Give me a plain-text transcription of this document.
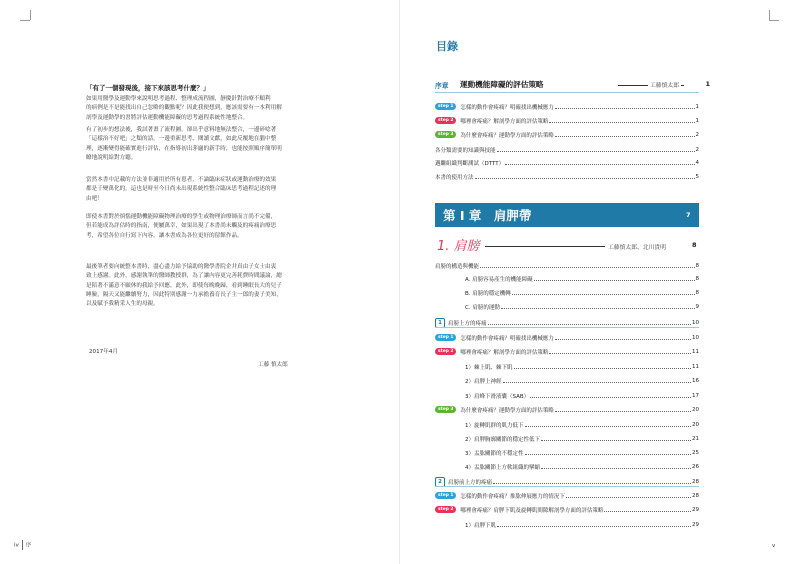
「有了一個發現後，接下來該思考什麼？」
如果用醫學及運動學來說明思考過程、整理成流程圖，靜慶針對治療不順利
的病例是不是能找出自己忽略的觀點呢？因此我便想到，應該需要有一本利用解
剖學及運動學的書將評估運動機能障礙的思考過程系統性地整合。
有了初步的想法後，我試著畫了流程圖，卻出乎意料地無法整合，一邊碎唸著
「這樣治不好吧」之類的話，一邊重新思考、閱讀文獻，如此反覆地在腦中整
理，逐漸變得能確實進行評估，在指導初出茅廬的新手時，也能按照順序簡單明
瞭地說明給對方聽。
當然本書中記載的方法並非適用於所有患者，不論臨床症狀或運動治療的效果
都是千變萬化的，這也是時至今日尚未出現系統性整合臨床思考過程記述的理
由吧！
即使本書對於煩惱運動機能障礙物理治療的學生或物理治療師而言尚不完備，
但若能成為評估時的指南，便屬萬幸，如果出現了本書尚未觸及的疼痛治療思
考，希望各位自行寫下內容，讓本書成為各位更好的留館作品。
最後筆者要向統整本書時，盡心盡力給予協助的醫學書院企井真由子女士由衷
致上感謝。此外，感謝執筆的醫師教授群，為了讓內容更完善耗費時間議論，總
是陪著不滿意不願休的我給予回應。此外，即使每晚晚歸，看到睡眠長大的兒子
睡臉，隔天又能繼續努力，因此特別感謝一力承擔養育長子主一郎的妻子美知，
以及賦予我精采人生的母親。
2017年4月
工藤 慎太郎
iv 序
目錄
序章 運動機能障礙的評估策略	工藤慎太郎	1
第 I 章　肩胛帶	7
1. 肩膀	工藤慎太郎、北川貴明	8
v
step 1	怎樣的動作會疼痛？明確找出機械應力	1
step 2	哪裡會疼痛？解剖學方面的評估策略	1
step 3	為什麼會疼痛？運動學方面的評估策略	2
各分類需要的知識與技能	2
邁繼組織判斷測試（DTTT）	4
本書的使用方法	5
肩膀的構造與機能	8
A. 肩膀容易產生的機能障礙	8
B. 肩膀的穩定機轉	8
C. 肩膀的運動	9
1	肩膀上方的疼痛	10
step 1	怎樣的動作會疼痛？明確找出機械應力	10
step 2	哪裡會疼痛？解剖學方面的評估策略	11
1）棘上肌、棘下肌	11
2）肩胛上神經	16
3）肩峰下滑液囊（SAB）	17
step 3	為什麼會疼痛？運動學方面的評估策略	20
1）旋轉肌群的肌力低下	20
2）肩胛胸廓關節的穩定性低下	21
3）盂肱關節的不穩定性	25
4）盂肱關節上方軟組織的攣縮	26
2	肩膀前上方的疼痛	28
step 1	怎樣的動作會疼痛？推肱伸展應力的情況下	28
step 2	哪裡會疼痛？肩胛下肌及旋轉肌間隙解剖學方面的評估策略	29
1）肩胛下肌	29
